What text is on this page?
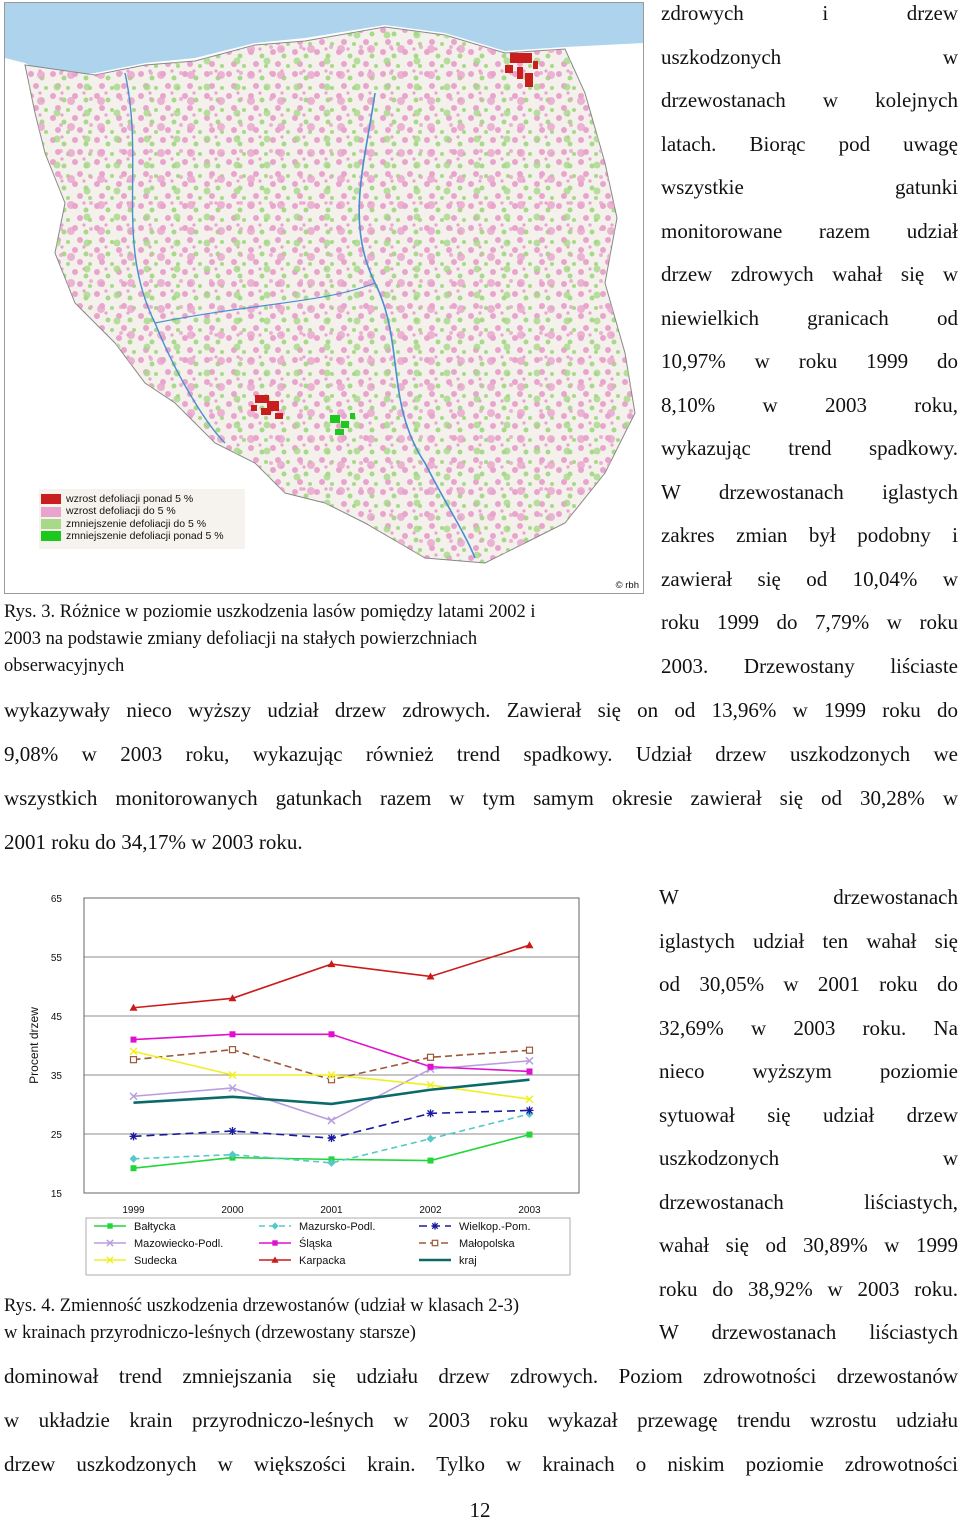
wzrost defoliacji ponad 5 %
wzrost defoliacji do 5 %
zmniejszenie defoliacji do 5 %
zmniejszenie defoliacji ponad 5 %
© rbh
zdrowych i drzew
uszkodzonych w
drzewostanach w kolejnych
latach. Biorąc pod uwagę
wszystkie gatunki
monitorowane razem udział
drzew zdrowych wahał się w
niewielkich granicach od
10,97% w roku 1999 do
8,10% w 2003 roku,
wykazując trend spadkowy.
W drzewostanach iglastych
zakres zmian był podobny i
zawierał się od 10,04% w
roku 1999 do 7,79% w roku
2003. Drzewostany liściaste
Rys. 3. Różnice w poziomie uszkodzenia lasów pomiędzy latami 2002 i
2003 na podstawie zmiany defoliacji na stałych powierzchniach
obserwacyjnych
wykazywały nieco wyższy udział drzew zdrowych. Zawierał się on od 13,96% w 1999 roku do
9,08% w 2003 roku, wykazując również trend spadkowy. Udział drzew uszkodzonych we
wszystkich monitorowanych gatunkach razem w tym samym okresie zawierał się od 30,28% w
2001 roku do 34,17% w 2003 roku.
15
25
35
45
55
65
1999	2000	2001	2002	2003
Procent drzew
Bałtycka	Mazursko-Podl.	Wielkop.-Pom.
Mazowiecko-Podl.	Śląska	Małopolska
Sudecka	Karpacka	kraj
W drzewostanach
iglastych udział ten wahał się
od 30,05% w 2001 roku do
32,69% w 2003 roku. Na
nieco wyższym poziomie
sytuował się udział drzew
uszkodzonych w
drzewostanach liściastych,
wahał się od 30,89% w 1999
roku do 38,92% w 2003 roku.
W drzewostanach liściastych
Rys. 4. Zmienność uszkodzenia drzewostanów (udział w klasach 2-3)
w krainach przyrodniczo-leśnych (drzewostany starsze)
dominował trend zmniejszania się udziału drzew zdrowych. Poziom zdrowotności drzewostanów
w układzie krain przyrodniczo-leśnych w 2003 roku wykazał przewagę trendu wzrostu udziału
drzew uszkodzonych w większości krain. Tylko w krainach o niskim poziomie zdrowotności
12
